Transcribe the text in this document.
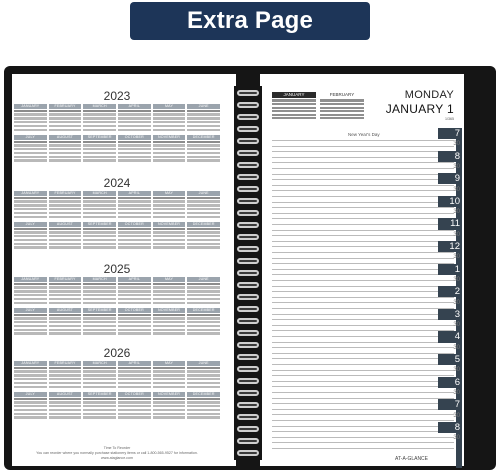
Extra Page
2023
JANUARY	FEBRUARY	MARCH	APRIL	MAY	JUNE
JULY	AUGUST	SEPTEMBER	OCTOBER	NOVEMBER	DECEMBER
2024
JANUARY	FEBRUARY	MARCH	APRIL	MAY	JUNE
JULY	AUGUST	SEPTEMBER	OCTOBER	NOVEMBER	DECEMBER
2025
JANUARY	FEBRUARY	MARCH	APRIL	MAY	JUNE
JULY	AUGUST	SEPTEMBER	OCTOBER	NOVEMBER	DECEMBER
2026
JANUARY	FEBRUARY	MARCH	APRIL	MAY	JUNE
JULY	AUGUST	SEPTEMBER	OCTOBER	NOVEMBER	DECEMBER
Time To Reorder
You can reorder where you normally purchase stationery items or call 1-800-565-9527 for information.
www.ataglance.com
JANUARY	FEBRUARY	MONDAY
JANUARY 1
1/365
New Year's Day	7
30
8
30
9
30
10
30
11
30
12
30
1
30
2
30
3
30
4
30
5
30
6
30
7
30
8
30
AT-A-GLANCE
